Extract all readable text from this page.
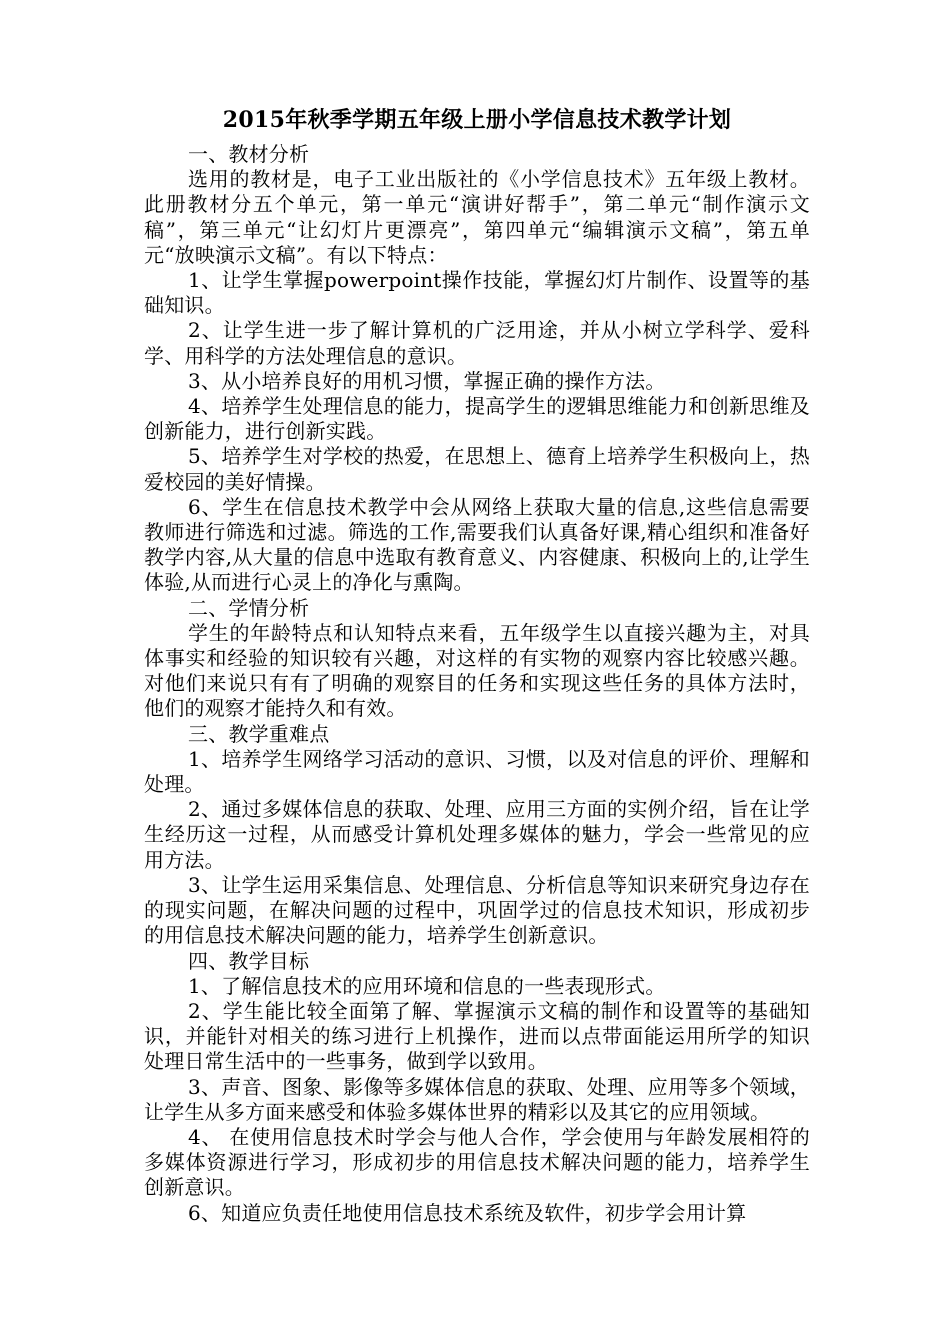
2015年秋季学期五年级上册小学信息技术教学计划

一、教材分析

选用的教材是，电子工业出版社的《小学信息技术》五年级上教材。此册教材分五个单元，第一单元“演讲好帮手”，第二单元“制作演示文稿”，第三单元“让幻灯片更漂亮”，第四单元“编辑演示文稿”，第五单元“放映演示文稿”。有以下特点：

1、让学生掌握powerpoint操作技能，掌握幻灯片制作、设置等的基础知识。

2、让学生进一步了解计算机的广泛用途，并从小树立学科学、爱科学、用科学的方法处理信息的意识。

3、从小培养良好的用机习惯，掌握正确的操作方法。

4、培养学生处理信息的能力，提高学生的逻辑思维能力和创新思维及创新能力，进行创新实践。

5、培养学生对学校的热爱，在思想上、德育上培养学生积极向上，热爱校园的美好情操。

6、学生在信息技术教学中会从网络上获取大量的信息,这些信息需要教师进行筛选和过滤。筛选的工作,需要我们认真备好课,精心组织和准备好教学内容,从大量的信息中选取有教育意义、内容健康、积极向上的,让学生体验,从而进行心灵上的净化与熏陶。

二、学情分析

学生的年龄特点和认知特点来看，五年级学生以直接兴趣为主，对具体事实和经验的知识较有兴趣，对这样的有实物的观察内容比较感兴趣。对他们来说只有有了明确的观察目的任务和实现这些任务的具体方法时，他们的观察才能持久和有效。

三、教学重难点

1、培养学生网络学习活动的意识、习惯，以及对信息的评价、理解和处理。

2、通过多媒体信息的获取、处理、应用三方面的实例介绍，旨在让学生经历这一过程，从而感受计算机处理多媒体的魅力，学会一些常见的应用方法。

3、让学生运用采集信息、处理信息、分析信息等知识来研究身边存在的现实问题，在解决问题的过程中，巩固学过的信息技术知识，形成初步的用信息技术解决问题的能力，培养学生创新意识。

四、教学目标

1、了解信息技术的应用环境和信息的一些表现形式。

2、学生能比较全面第了解、掌握演示文稿的制作和设置等的基础知识，并能针对相关的练习进行上机操作，进而以点带面能运用所学的知识处理日常生活中的一些事务，做到学以致用。

3、声音、图象、影像等多媒体信息的获取、处理、应用等多个领域，让学生从多方面来感受和体验多媒体世界的精彩以及其它的应用领域。

4、 在使用信息技术时学会与他人合作，学会使用与年龄发展相符的多媒体资源进行学习，形成初步的用信息技术解决问题的能力，培养学生创新意识。

6、知道应负责任地使用信息技术系统及软件，初步学会用计算
